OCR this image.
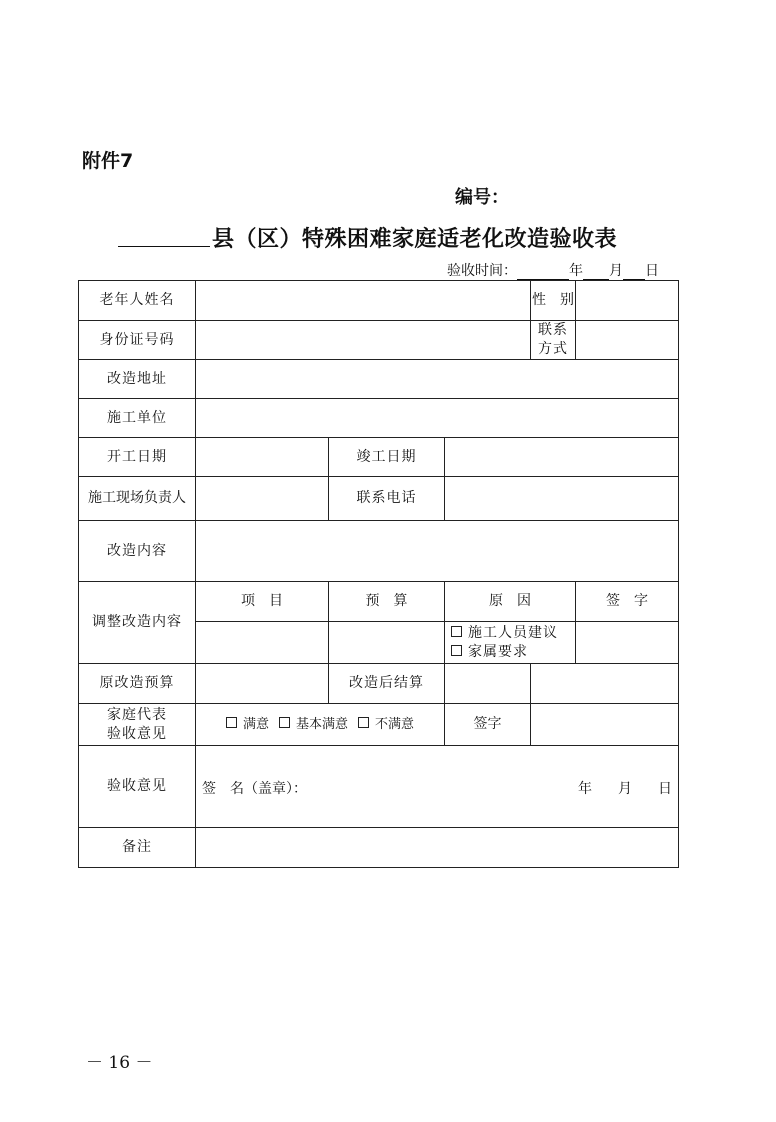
附件7
编号：
县（区）特殊困难家庭适老化改造验收表
验收时间：	年 月 日
老年人姓名				性　别	
身份证号码				联系方式	
改造地址					
施工单位					
开工日期		竣工日期			
施工现场负责人		联系电话			
改造内容					
调整改造内容	项　目	预　算	原　因		签　字

			施工人员建议
家属要求		

原改造预算		改造后结算			

家庭代表
验收意见	满意 基本满意 不满意		签字		
验收意见	签　名（盖章）： 年 月 日				

备注					
－ 16 －
